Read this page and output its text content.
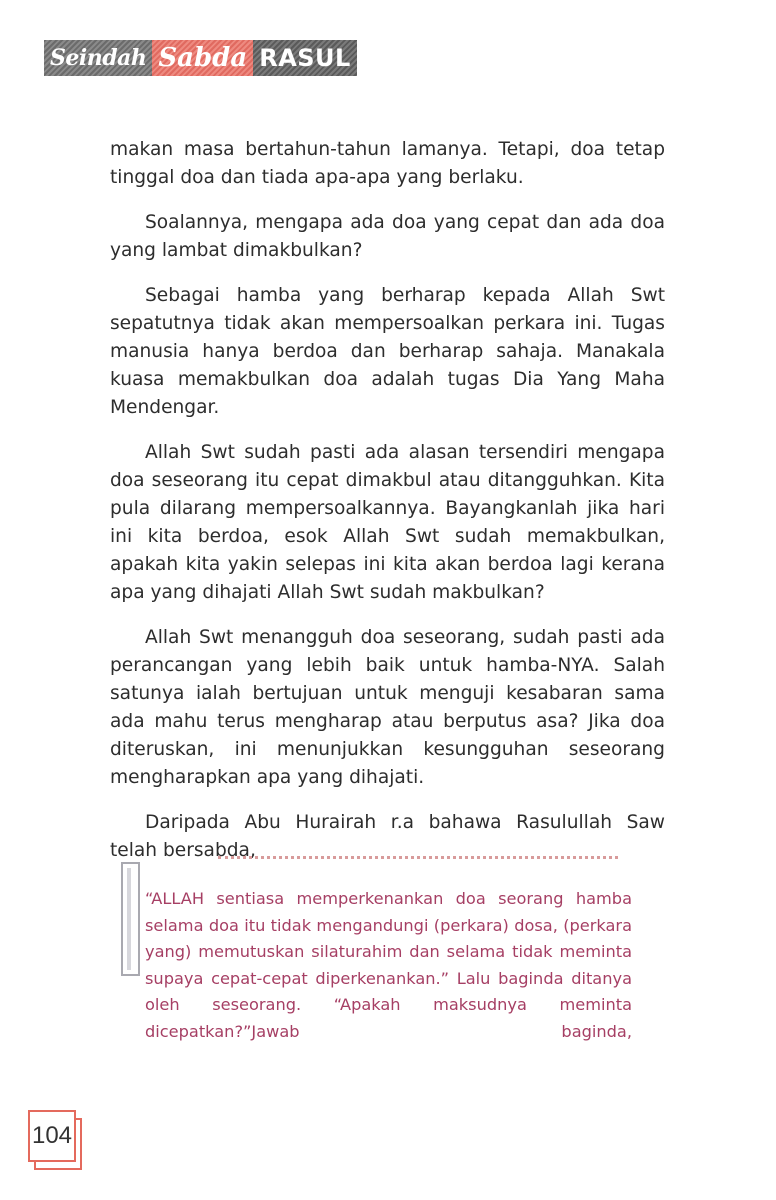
Seindah Sabda RASUL

makan masa bertahun-tahun lamanya. Tetapi, doa tetap tinggal doa dan tiada apa-apa yang berlaku.

Soalannya, mengapa ada doa yang cepat dan ada doa yang lambat dimakbulkan?

Sebagai hamba yang berharap kepada Allah Swt sepatutnya tidak akan mempersoalkan perkara ini. Tugas manusia hanya berdoa dan berharap sahaja. Manakala kuasa memakbulkan doa adalah tugas Dia Yang Maha Mendengar.

Allah Swt sudah pasti ada alasan tersendiri mengapa doa seseorang itu cepat dimakbul atau ditangguhkan. Kita pula dilarang mempersoalkannya. Bayangkanlah jika hari ini kita berdoa, esok Allah Swt sudah memakbulkan, apakah kita yakin selepas ini kita akan berdoa lagi kerana apa yang dihajati Allah Swt sudah makbulkan?

Allah Swt menangguh doa seseorang, sudah pasti ada perancangan yang lebih baik untuk hamba-NYA. Salah satunya ialah bertujuan untuk menguji kesabaran sama ada mahu terus mengharap atau berputus asa? Jika doa diteruskan, ini menunjukkan kesungguhan seseorang mengharapkan apa yang dihajati.

Daripada Abu Hurairah r.a bahawa Rasulullah Saw telah bersabda,

“ALLAH sentiasa memperkenankan doa seorang hamba selama doa itu tidak mengandungi (perkara) dosa, (perkara yang) memutuskan silaturahim dan selama tidak meminta supaya cepat-cepat diperkenankan.” Lalu baginda ditanya oleh seseorang. “Apakah maksudnya meminta dicepatkan?”Jawab baginda,
104
